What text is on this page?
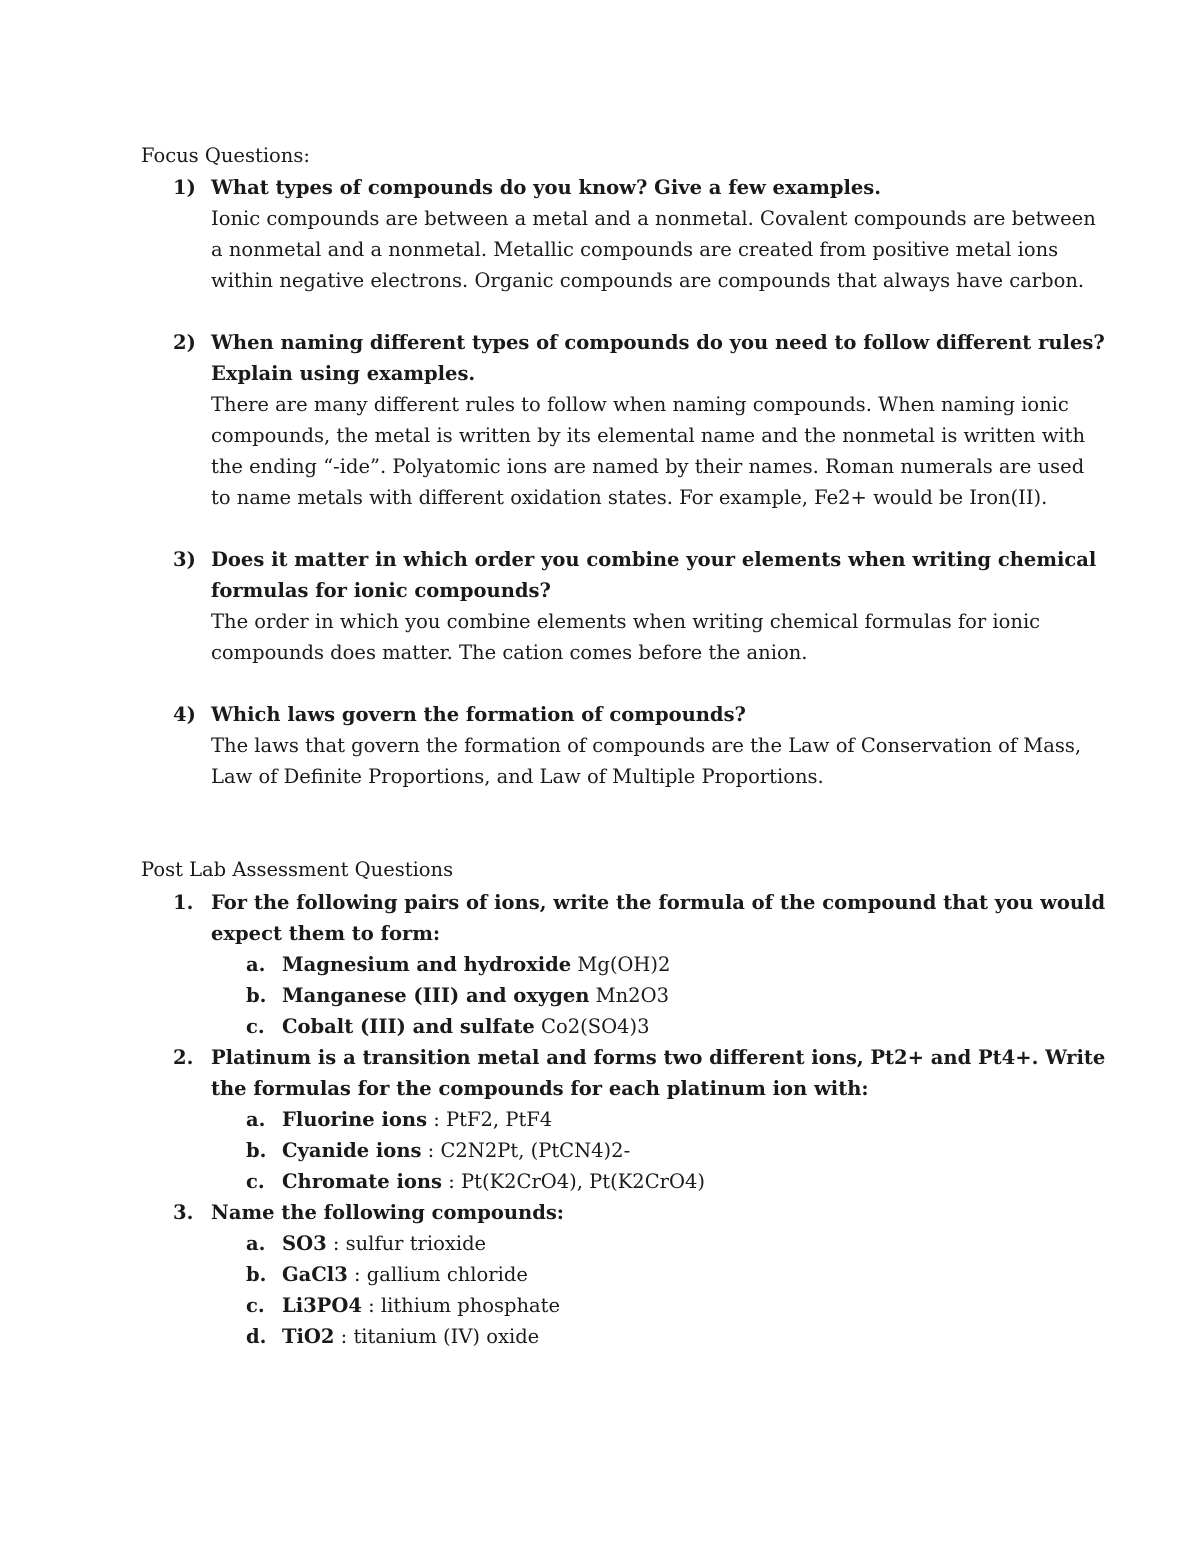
Focus Questions:
1) What types of compounds do you know? Give a few examples.
Ionic compounds are between a metal and a nonmetal. Covalent compounds are between
a nonmetal and a nonmetal. Metallic compounds are created from positive metal ions
within negative electrons. Organic compounds are compounds that always have carbon.
2) When naming different types of compounds do you need to follow different rules?
Explain using examples.
There are many different rules to follow when naming compounds. When naming ionic
compounds, the metal is written by its elemental name and the nonmetal is written with
the ending “-ide”. Polyatomic ions are named by their names. Roman numerals are used
to name metals with different oxidation states. For example, Fe2+ would be Iron(II).
3) Does it matter in which order you combine your elements when writing chemical
formulas for ionic compounds?
The order in which you combine elements when writing chemical formulas for ionic
compounds does matter. The cation comes before the anion.
4) Which laws govern the formation of compounds?
The laws that govern the formation of compounds are the Law of Conservation of Mass,
Law of Definite Proportions, and Law of Multiple Proportions.
Post Lab Assessment Questions
1. For the following pairs of ions, write the formula of the compound that you would
expect them to form:
a. Magnesium and hydroxide Mg(OH)2
b. Manganese (III) and oxygen Mn2O3
c. Cobalt (III) and sulfate Co2(SO4)3
2. Platinum is a transition metal and forms two different ions, Pt2+ and Pt4+. Write
the formulas for the compounds for each platinum ion with:
a. Fluorine ions : PtF2, PtF4
b. Cyanide ions : C2N2Pt, (PtCN4)2-
c. Chromate ions : Pt(K2CrO4), Pt(K2CrO4)
3. Name the following compounds:
a. SO3 : sulfur trioxide
b. GaCl3 : gallium chloride
c. Li3PO4 : lithium phosphate
d. TiO2 : titanium (IV) oxide
